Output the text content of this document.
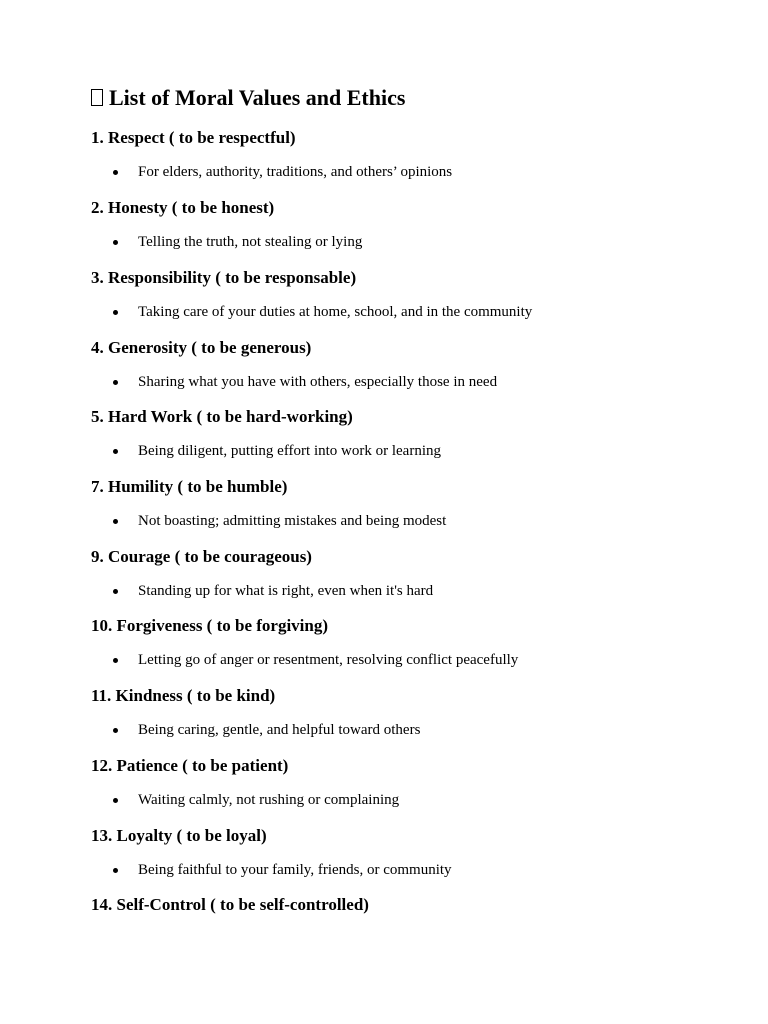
List of Moral Values and Ethics
1. Respect ( to be respectful)
For elders, authority, traditions, and others’ opinions
2. Honesty ( to be honest)
Telling the truth, not stealing or lying
3. Responsibility ( to be responsable)
Taking care of your duties at home, school, and in the community
4. Generosity ( to be generous)
Sharing what you have with others, especially those in need
5. Hard Work ( to be hard-working)
Being diligent, putting effort into work or learning
7. Humility ( to be humble)
Not boasting; admitting mistakes and being modest
9. Courage ( to be courageous)
Standing up for what is right, even when it's hard
10. Forgiveness ( to be forgiving)
Letting go of anger or resentment, resolving conflict peacefully
11. Kindness ( to be kind)
Being caring, gentle, and helpful toward others
12. Patience ( to be patient)
Waiting calmly, not rushing or complaining
13. Loyalty ( to be loyal)
Being faithful to your family, friends, or community
14. Self-Control ( to be self-controlled)
